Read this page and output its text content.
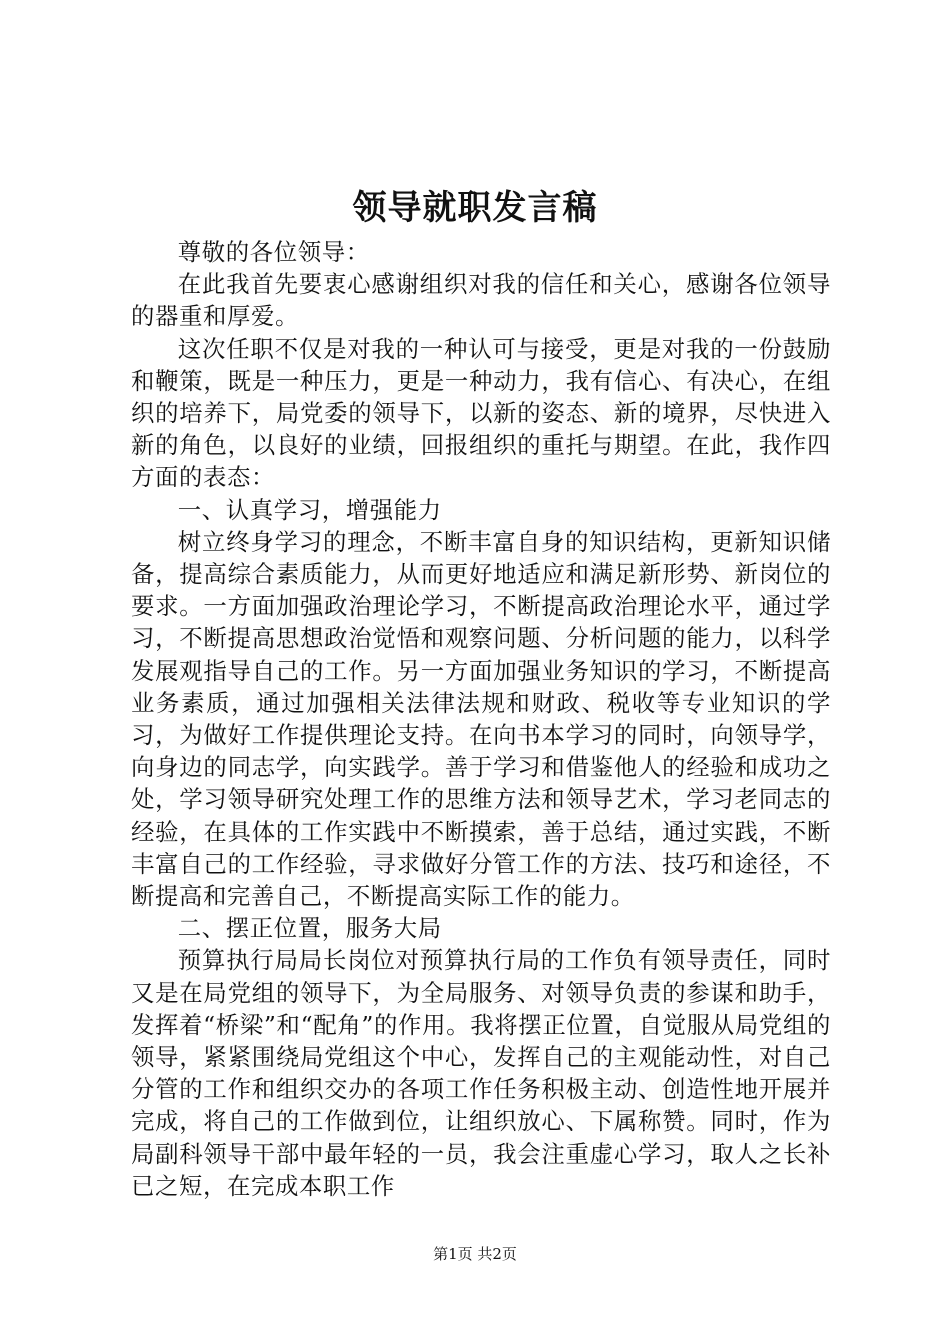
领导就职发言稿

尊敬的各位领导：

在此我首先要衷心感谢组织对我的信任和关心，感谢各位领导的器重和厚爱。

这次任职不仅是对我的一种认可与接受，更是对我的一份鼓励和鞭策，既是一种压力，更是一种动力，我有信心、有决心，在组织的培养下，局党委的领导下，以新的姿态、新的境界，尽快进入新的角色，以良好的业绩，回报组织的重托与期望。在此，我作四方面的表态：

一、认真学习，增强能力

树立终身学习的理念，不断丰富自身的知识结构，更新知识储备，提高综合素质能力，从而更好地适应和满足新形势、新岗位的要求。一方面加强政治理论学习，不断提高政治理论水平，通过学习，不断提高思想政治觉悟和观察问题、分析问题的能力，以科学发展观指导自己的工作。另一方面加强业务知识的学习，不断提高业务素质，通过加强相关法律法规和财政、税收等专业知识的学习，为做好工作提供理论支持。在向书本学习的同时，向领导学，向身边的同志学，向实践学。善于学习和借鉴他人的经验和成功之处，学习领导研究处理工作的思维方法和领导艺术，学习老同志的经验，在具体的工作实践中不断摸索，善于总结，通过实践，不断丰富自己的工作经验，寻求做好分管工作的方法、技巧和途径，不断提高和完善自己，不断提高实际工作的能力。

二、摆正位置，服务大局

预算执行局局长岗位对预算执行局的工作负有领导责任，同时又是在局党组的领导下，为全局服务、对领导负责的参谋和助手，发挥着“桥梁”和“配角”的作用。我将摆正位置，自觉服从局党组的领导，紧紧围绕局党组这个中心，发挥自己的主观能动性，对自己分管的工作和组织交办的各项工作任务积极主动、创造性地开展并完成，将自己的工作做到位，让组织放心、下属称赞。同时，作为局副科领导干部中最年轻的一员，我会注重虚心学习，取人之长补已之短，在完成本职工作

第1页 共2页
